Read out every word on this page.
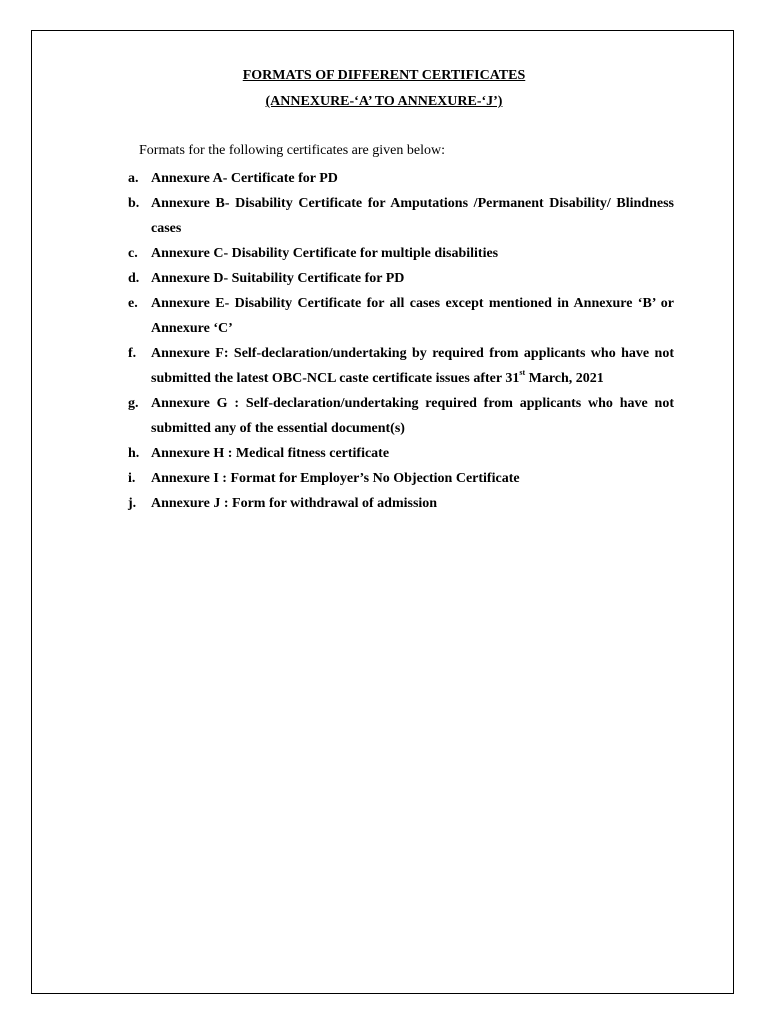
FORMATS OF DIFFERENT CERTIFICATES

(ANNEXURE-‘A’ TO ANNEXURE-‘J’)

Formats for the following certificates are given below:

a. Annexure A- Certificate for PD
b. Annexure B- Disability Certificate for Amputations /Permanent Disability/ Blindness cases
c. Annexure C- Disability Certificate for multiple disabilities
d. Annexure D- Suitability Certificate for PD
e. Annexure E- Disability Certificate for all cases except mentioned in Annexure ‘B’ or Annexure ‘C’
f.	Annexure F: Self-declaration/undertaking by required from applicants who have not submitted the latest OBC-NCL caste certificate issues after 31st March, 2021
g. Annexure G : Self-declaration/undertaking required from applicants who have not submitted any of the essential document(s)
h. Annexure H : Medical fitness certificate
i.	Annexure I : Format for Employer’s No Objection Certificate
j.	Annexure J : Form for withdrawal of admission
